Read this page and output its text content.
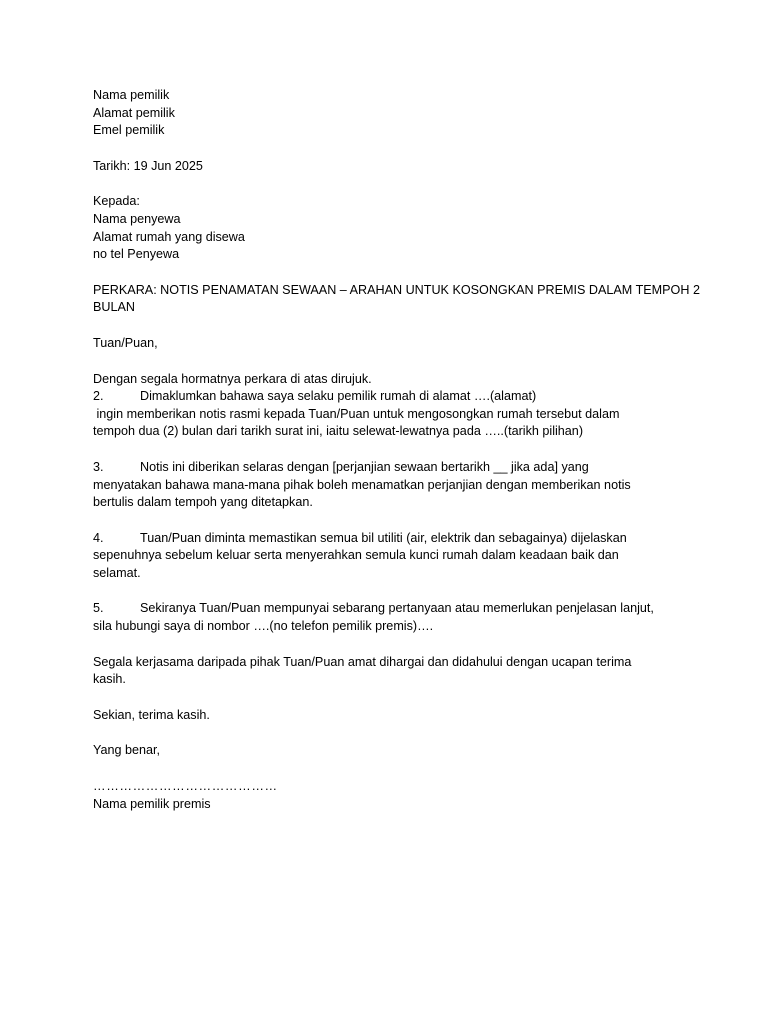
Nama pemilik
Alamat pemilik
Emel pemilik
Tarikh: 19 Jun 2025
Kepada:
Nama penyewa
Alamat rumah yang disewa
no tel Penyewa
PERKARA: NOTIS PENAMATAN SEWAAN – ARAHAN UNTUK KOSONGKAN PREMIS DALAM TEMPOH 2
BULAN
Tuan/Puan,
Dengan segala hormatnya perkara di atas dirujuk.
2.	Dimaklumkan bahawa saya selaku pemilik rumah di alamat ….(alamat)
ingin memberikan notis rasmi kepada Tuan/Puan untuk mengosongkan rumah tersebut dalam
tempoh dua (2) bulan dari tarikh surat ini, iaitu selewat-lewatnya pada …..(tarikh pilihan)
3.	Notis ini diberikan selaras dengan [perjanjian sewaan bertarikh __ jika ada] yang
menyatakan bahawa mana-mana pihak boleh menamatkan perjanjian dengan memberikan notis
bertulis dalam tempoh yang ditetapkan.
4.	Tuan/Puan diminta memastikan semua bil utiliti (air, elektrik dan sebagainya) dijelaskan
sepenuhnya sebelum keluar serta menyerahkan semula kunci rumah dalam keadaan baik dan
selamat.
5.	Sekiranya Tuan/Puan mempunyai sebarang pertanyaan atau memerlukan penjelasan lanjut,
sila hubungi saya di nombor ….(no telefon pemilik premis)….
Segala kerjasama daripada pihak Tuan/Puan amat dihargai dan didahului dengan ucapan terima
kasih.
Sekian, terima kasih.
Yang benar,
……………………………………
Nama pemilik premis
